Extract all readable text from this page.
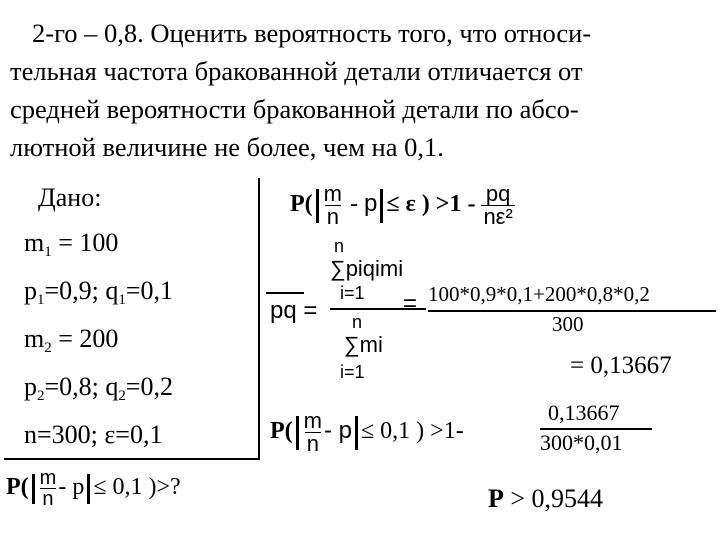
2-го – 0,8. Оценить вероятность того, что относи-
тельная частота бракованной детали отличается от
средней вероятности бракованной детали по абсо-
лютной величине не более, чем на 0,1.
Дано:
$m_1 = 100$
$p_1=0,9$; $q_1=0,1$
$m_2 = 200$
$p_2=0,8$; $q_2=0,2$
n=300; ε=0,1
$P( \frac{m}{n} - p \le 0,1$ )>?
$P( \frac{m}{n} - p \le \varepsilon$ ) $>1 - \frac{pq}{\text{nε²}}$
pq =
n
∑piqimi
i=1
n
∑mi
i=1
= 100*0,9*0,1+200*0,8*0,2
300
= 0,13667
$P( \frac{m}{n} - p \le 0,1$ ) >1-
0,13667
300*0,01
P > 0,9544
